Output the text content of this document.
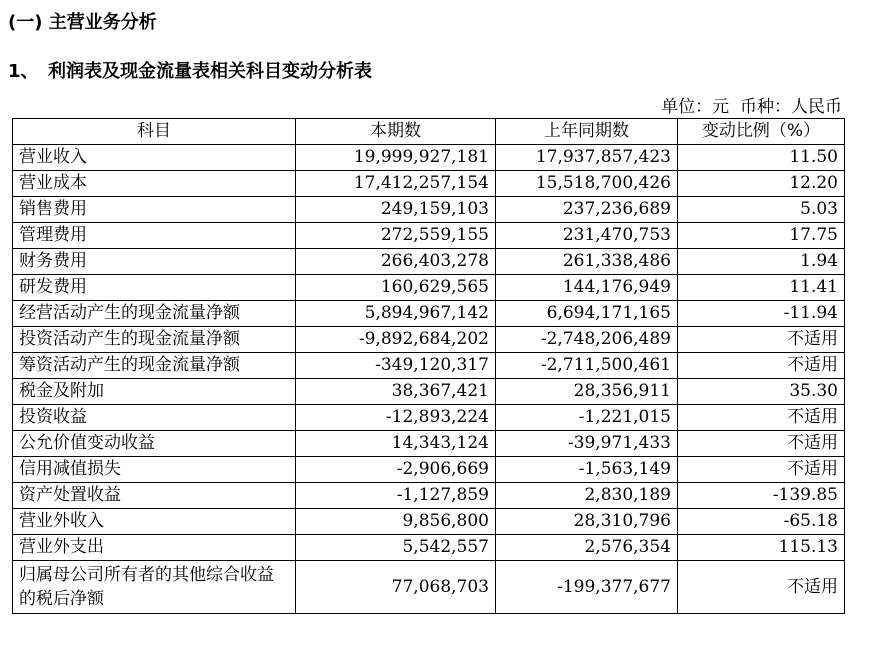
(一) 主营业务分析
1、 利润表及现金流量表相关科目变动分析表
单位：元  币种：人民币
科目	本期数	上年同期数	变动比例（%）
营业收入	19,999,927,181	17,937,857,423	11.50
营业成本	17,412,257,154	15,518,700,426	12.20
销售费用	249,159,103	237,236,689	5.03
管理费用	272,559,155	231,470,753	17.75
财务费用	266,403,278	261,338,486	1.94
研发费用	160,629,565	144,176,949	11.41
经营活动产生的现金流量净额	5,894,967,142	6,694,171,165	-11.94
投资活动产生的现金流量净额	-9,892,684,202	-2,748,206,489	不适用
筹资活动产生的现金流量净额	-349,120,317	-2,711,500,461	不适用
税金及附加	38,367,421	28,356,911	35.30
投资收益	-12,893,224	-1,221,015	不适用
公允价值变动收益	14,343,124	-39,971,433	不适用
信用减值损失	-2,906,669	-1,563,149	不适用
资产处置收益	-1,127,859	2,830,189	-139.85
营业外收入	9,856,800	28,310,796	-65.18
营业外支出	5,542,557	2,576,354	115.13
归属母公司所有者的其他综合收益的税后净额	77,068,703	-199,377,677	不适用
